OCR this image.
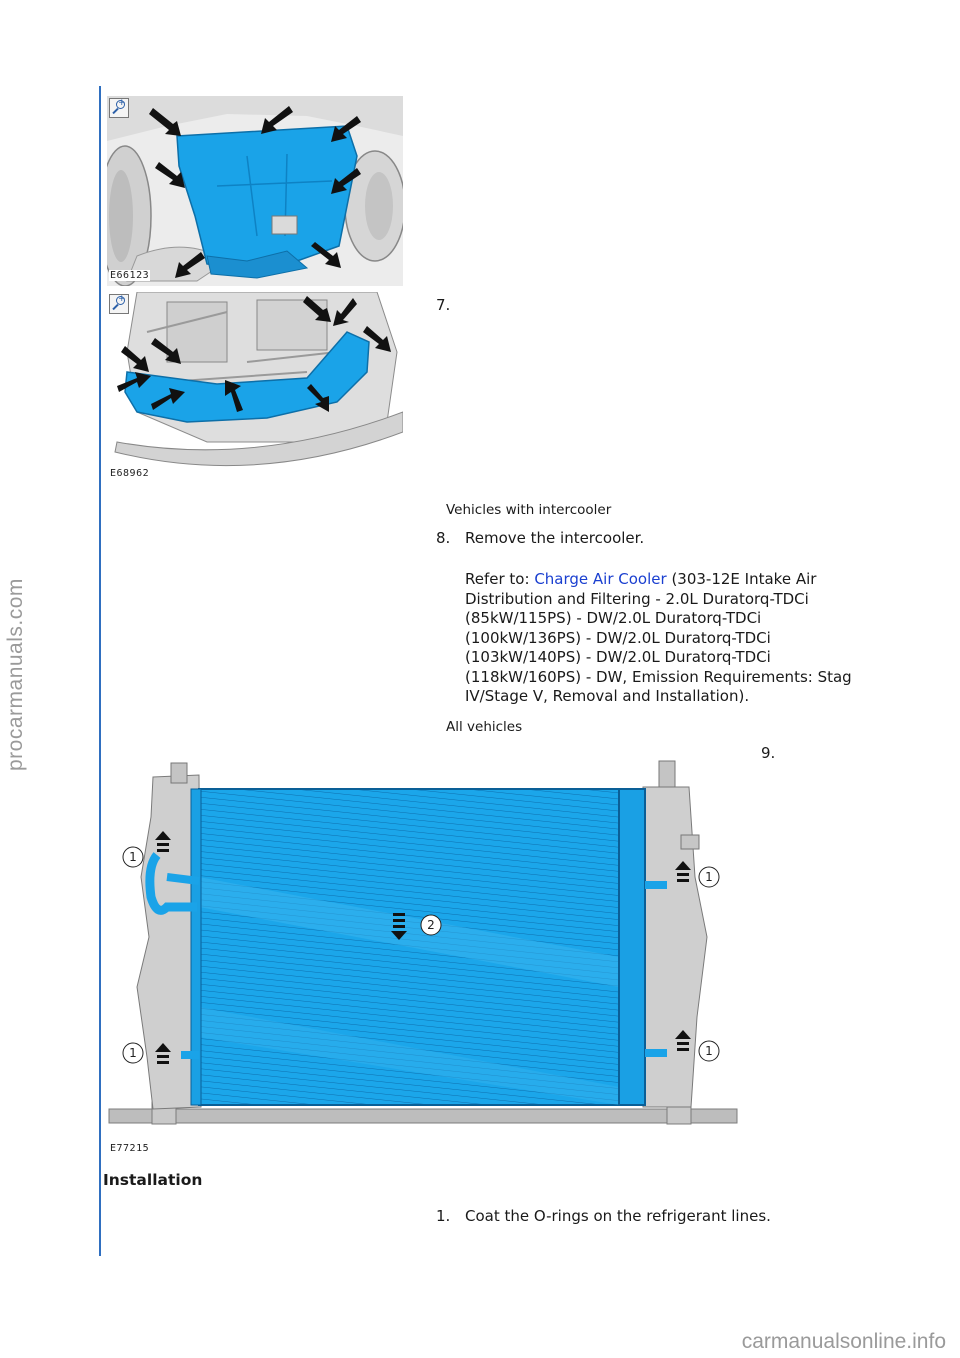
procarmanuals.com
+
E66123
+
E68962
7.
Vehicles with intercooler
8. Remove the intercooler.
Refer to: Charge Air Cooler (303-12E Intake Air
Distribution and Filtering - 2.0L Duratorq-TDCi
(85kW/115PS) - DW/2.0L Duratorq-TDCi
(100kW/136PS) - DW/2.0L Duratorq-TDCi
(103kW/140PS) - DW/2.0L Duratorq-TDCi
(118kW/160PS) - DW, Emission Requirements: Stag
IV/Stage V, Removal and Installation).
All vehicles
9.
1
1
2
1
1
E77215
Installation
1. Coat the O-rings on the refrigerant lines.
carmanualsonline.info
